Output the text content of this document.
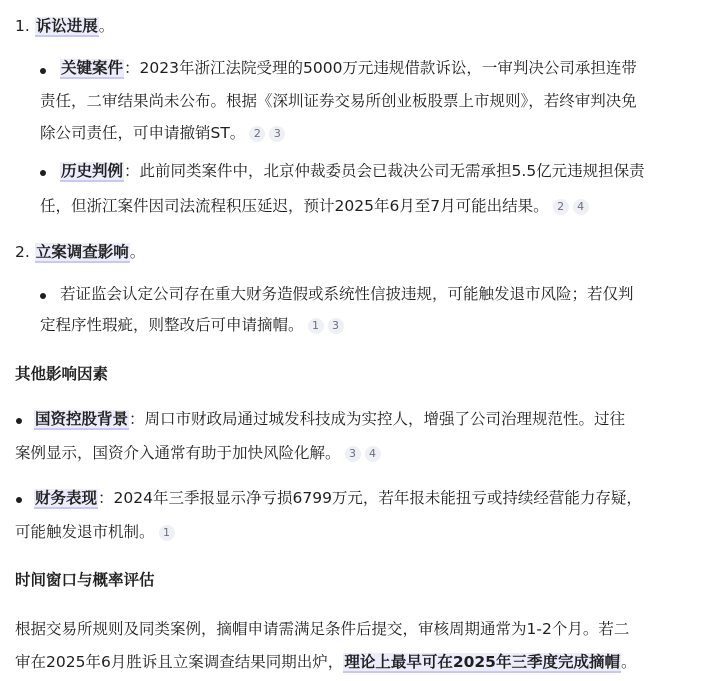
1. 诉讼进展。
关键案件：2023年浙江法院受理的5000万元违规借款诉讼，一审判决公司承担连带
责任，二审结果尚未公布。根据《深圳证券交易所创业板股票上市规则》，若终审判决免
除公司责任，可申请撤销ST。 2 3
历史判例：此前同类案件中，北京仲裁委员会已裁决公司无需承担5.5亿元违规担保责
任，但浙江案件因司法流程积压延迟，预计2025年6月至7月可能出结果。 2 4
2. 立案调查影响。
若证监会认定公司存在重大财务造假或系统性信披违规，可能触发退市风险；若仅判
定程序性瑕疵，则整改后可申请摘帽。 1 3
其他影响因素
国资控股背景：周口市财政局通过城发科技成为实控人，增强了公司治理规范性。过往
案例显示，国资介入通常有助于加快风险化解。 3 4
财务表现：2024年三季报显示净亏损6799万元，若年报未能扭亏或持续经营能力存疑，
可能触发退市机制。 1
时间窗口与概率评估
根据交易所规则及同类案例，摘帽申请需满足条件后提交，审核周期通常为1-2个月。若二
审在2025年6月胜诉且立案调查结果同期出炉，理论上最早可在2025年三季度完成摘帽。
